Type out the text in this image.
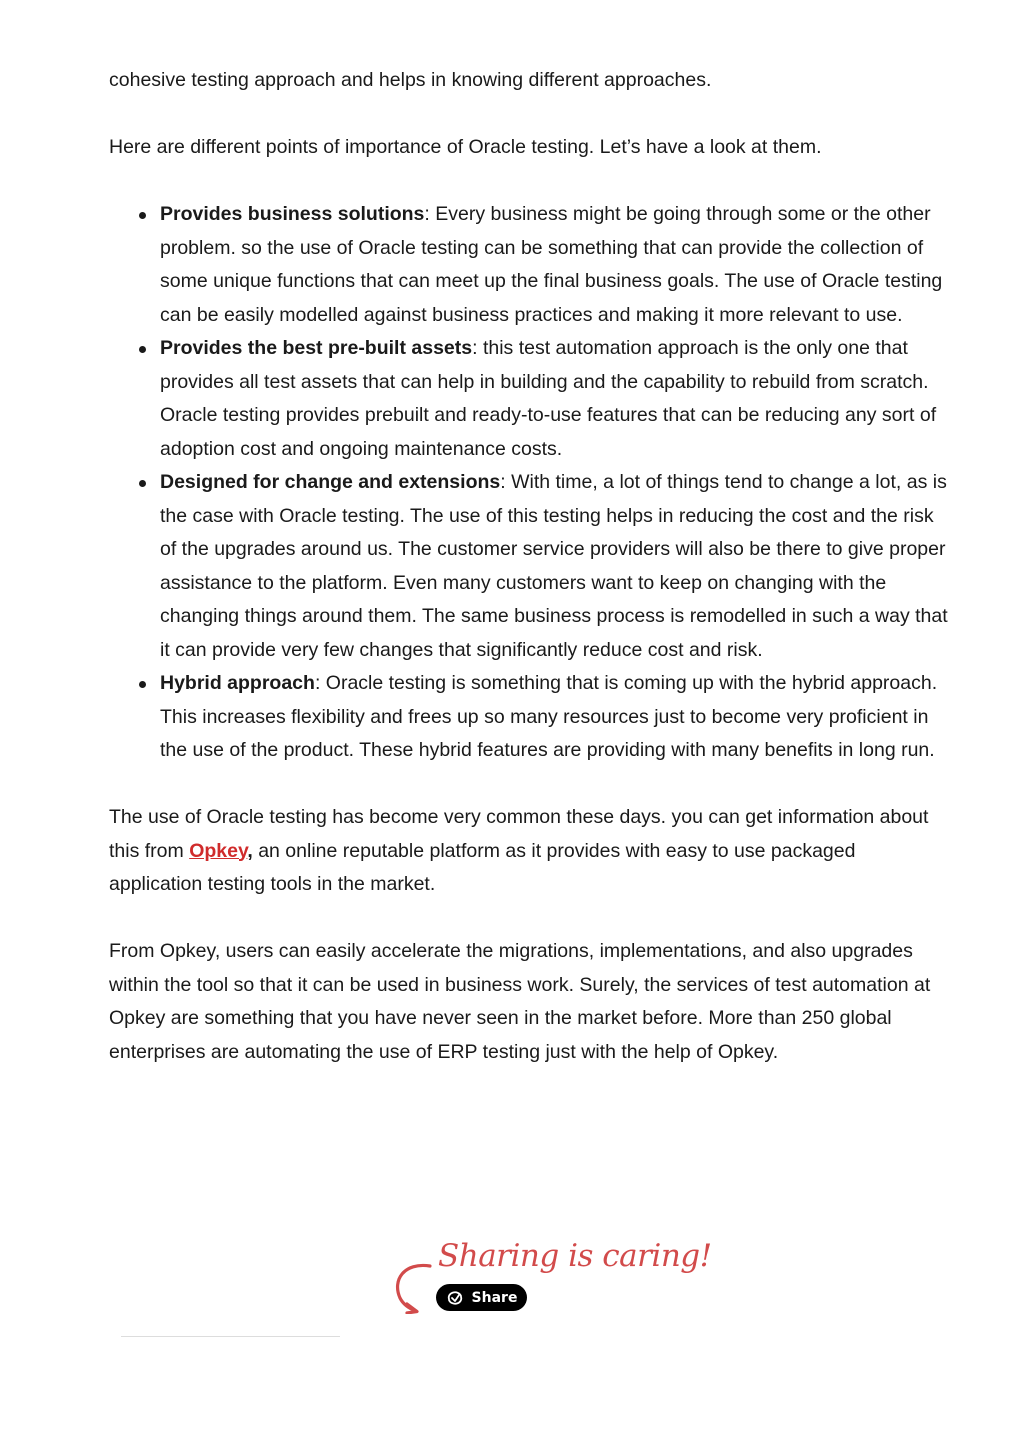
cohesive testing approach and helps in knowing different approaches.

Here are different points of importance of Oracle testing. Let’s have a look at them.

Provides business solutions: Every business might be going through some or the other problem. so the use of Oracle testing can be something that can provide the collection of some unique functions that can meet up the final business goals. The use of Oracle testing can be easily modelled against business practices and making it more relevant to use.
Provides the best pre-built assets: this test automation approach is the only one that provides all test assets that can help in building and the capability to rebuild from scratch. Oracle testing provides prebuilt and ready-to-use features that can be reducing any sort of adoption cost and ongoing maintenance costs.
Designed for change and extensions: With time, a lot of things tend to change a lot, as is the case with Oracle testing. The use of this testing helps in reducing the cost and the risk of the upgrades around us. The customer service providers will also be there to give proper assistance to the platform. Even many customers want to keep on changing with the changing things around them. The same business process is remodelled in such a way that it can provide very few changes that significantly reduce cost and risk.
Hybrid approach: Oracle testing is something that is coming up with the hybrid approach. This increases flexibility and frees up so many resources just to become very proficient in the use of the product. These hybrid features are providing with many benefits in long run.

The use of Oracle testing has become very common these days. you can get information about this from Opkey, an online reputable platform as it provides with easy to use packaged application testing tools in the market.

From Opkey, users can easily accelerate the migrations, implementations, and also upgrades within the tool so that it can be used in business work. Surely, the services of test automation at Opkey are something that you have never seen in the market before. More than 250 global enterprises are automating the use of ERP testing just with the help of Opkey.

Sharing is caring!
Share
